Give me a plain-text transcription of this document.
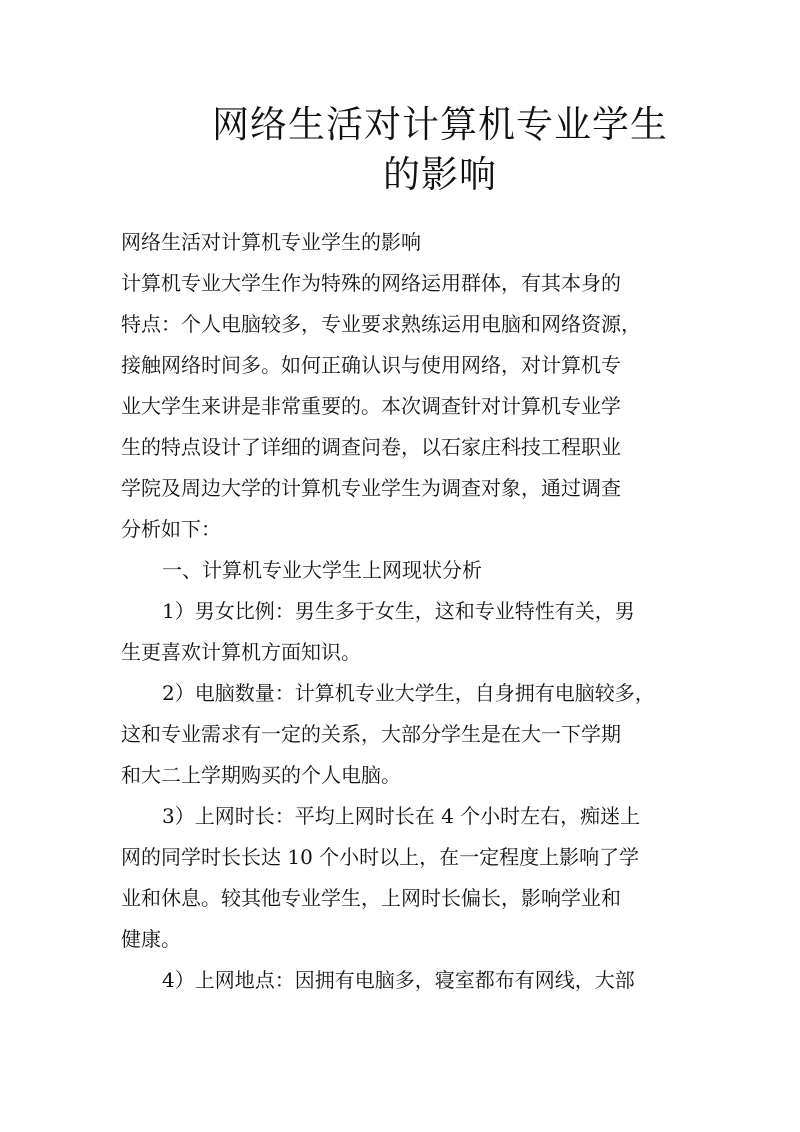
网络生活对计算机专业学生
的影响

网络生活对计算机专业学生的影响

计算机专业大学生作为特殊的网络运用群体，有其本身的

特点：个人电脑较多，专业要求熟练运用电脑和网络资源，

接触网络时间多。如何正确认识与使用网络，对计算机专

业大学生来讲是非常重要的。本次调查针对计算机专业学

生的特点设计了详细的调查问卷，以石家庄科技工程职业

学院及周边大学的计算机专业学生为调查对象，通过调查

分析如下：

一、计算机专业大学生上网现状分析

1）男女比例：男生多于女生，这和专业特性有关，男

生更喜欢计算机方面知识。

2）电脑数量：计算机专业大学生，自身拥有电脑较多，

这和专业需求有一定的关系，大部分学生是在大一下学期

和大二上学期购买的个人电脑。

3）上网时长：平均上网时长在 4 个小时左右，痴迷上

网的同学时长长达 10 个小时以上，在一定程度上影响了学

业和休息。较其他专业学生，上网时长偏长，影响学业和

健康。

4）上网地点：因拥有电脑多，寝室都布有网线，大部
